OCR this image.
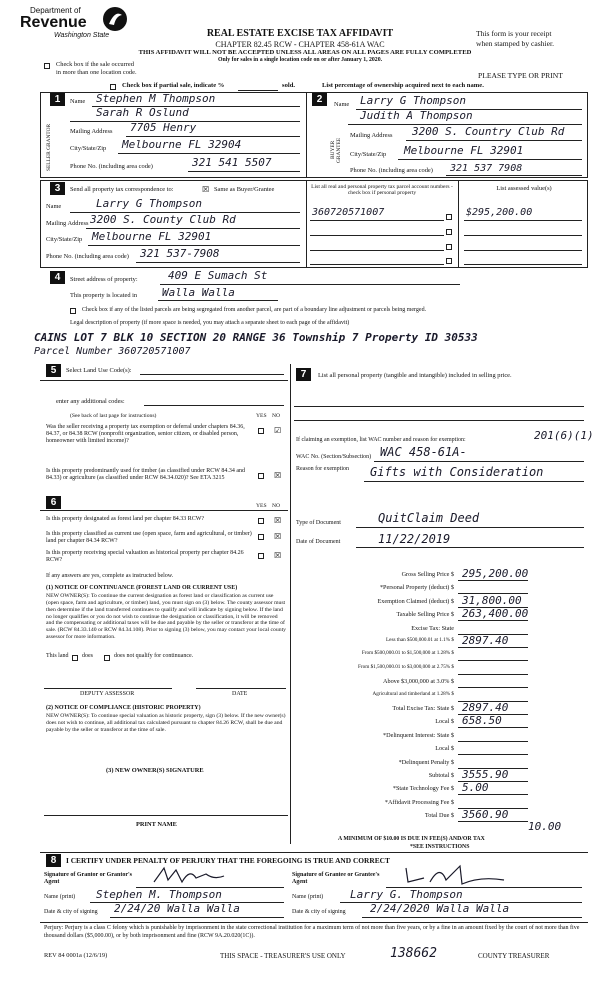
Department of
Revenue
Washington State	REAL ESTATE EXCISE TAX AFFIDAVIT
CHAPTER 82.45 RCW - CHAPTER 458-61A WAC
THIS AFFIDAVIT WILL NOT BE ACCEPTED UNLESS ALL AREAS ON ALL PAGES ARE FULLY COMPLETED
Only for sales in a single location code on or after January 1, 2020.
This form is your receipt
when stamped by cashier.
Check box if the sale occurred
in more than one location code.	PLEASE TYPE OR PRINT
Check box if partial sale, indicate %	sold.	List percentage of ownership acquired next to each name.
1
SELLER GRANTOR
Name Stephen M Thompson
Sarah R Oslund
Mailing Address 7705 Henry
City/State/Zip Melbourne FL 32904
Phone No. (including area code)	321 541 5507
2
BUYER GRANTEE
Name Larry G Thompson
Judith A Thompson
Mailing Address 3200 S. Country Club Rd
City/State/Zip Melbourne FL 32901
Phone No. (including area code) 321 537 7908
3	Send all property tax correspondence to:	☒ Same as Buyer/Grantee
Name	Larry G Thompson
Mailing Address 3200 S. County Club Rd
City/State/Zip Melbourne FL 32901
Phone No. (including area code) 321 537-7908
List all real and personal property tax parcel account numbers - check box if personal property
List assessed value(s)
360720571007	$295,200.00
4	Street address of property:	409 E Sumach St
This property is located in Walla Walla
Check box if any of the listed parcels are being segregated from another parcel, are part of a boundary line adjustment or parcels being merged.
Legal description of property (if more space is needed, you may attach a separate sheet to each page of the affidavit)
CAINS LOT 7 BLK 10 SECTION 20 RANGE 36 Township 7 Property ID 30533
Parcel Number 360720571007
5	Select Land Use Code(s):
enter any additional codes:
(See back of last page for instructions)	YES NO
Was the seller receiving a property tax exemption or deferral under chapters 84.36, 84.37, or 84.38 RCW (nonprofit organization, senior citizen, or disabled person, homeowner with limited income)?
☑
Is this property predominantly used for timber (as classified under RCW 84.34 and 84.33) or agriculture (as classified under RCW 84.34.020)? See ETA 3215	☒
6	YES NO
Is this property designated as forest land per chapter 84.33 RCW?	☒
Is this property classified as current use (open space, farm and agricultural, or timber) land per chapter 84.34 RCW?	☒
Is this property receiving special valuation as historical property per chapter 84.26 RCW?	☒
If any answers are yes, complete as instructed below.
(1) NOTICE OF CONTINUANCE (FOREST LAND OR CURRENT USE)
NEW OWNER(S): To continue the current designation as forest land or classification as current use (open space, farm and agriculture, or timber) land, you must sign on (3) below. The county assessor must then determine if the land transferred continues to qualify and will indicate by signing below. If the land no longer qualifies or you do not wish to continue the designation or classification, it will be removed and the compensating or additional taxes will be due and payable by the seller or transferor at the time of sale. (RCW 84.33.140 or RCW 84.34.108). Prior to signing (3) below, you may contact your local county assessor for more information.
This land does	does not qualify for continuance.
DEPUTY ASSESSOR	DATE
(2) NOTICE OF COMPLIANCE (HISTORIC PROPERTY)
NEW OWNER(S): To continue special valuation as historic property, sign (3) below. If the new owner(s) does not wish to continue, all additional tax calculated pursuant to chapter 84.26 RCW, shall be due and payable by the seller or transferor at the time of sale.
(3) NEW OWNER(S) SIGNATURE
PRINT NAME
7	List all personal property (tangible and intangible) included in selling price.
If claiming an exemption, list WAC number and reason for exemption:	201(6)(1)
WAC No. (Section/Subsection) WAC 458-61A-
Reason for exemption Gifts with Consideration
Type of Document	QuitClaim Deed
Date of Document	11/22/2019
Gross Selling Price $ 295,200.00
*Personal Property (deduct) $
Exemption Claimed (deduct) $ 31,800.00
Taxable Selling Price $ 263,400.00
Excise Tax: State
Less than $500,000.01 at 1.1% $ 2897.40
From $500,000.01 to $1,500,000 at 1.28% $
From $1,500,000.01 to $3,000,000 at 2.75% $
Above $3,000,000 at 3.0% $
Agricultural and timberland at 1.28% $
Total Excise Tax: State $ 2897.40
Local $ 658.50
*Delinquent Interest: State $
Local $
*Delinquent Penalty $
Subtotal $ 3555.90
*State Technology Fee $ 5.00
*Affidavit Processing Fee $
Total Due $ 3560.90
10.00
A MINIMUM OF $10.00 IS DUE IN FEE(S) AND/OR TAX
*SEE INSTRUCTIONS
8	I CERTIFY UNDER PENALTY OF PERJURY THAT THE FOREGOING IS TRUE AND CORRECT
Signature of Grantor or Grantor's Agent
Signature of Grantee or Grantee's Agent
Name (print) Stephen M. Thompson	Name (print) Larry G. Thompson
Date & city of signing 2/24/20 Walla Walla	Date & city of signing 2/24/2020 Walla Walla
Perjury: Perjury is a class C felony which is punishable by imprisonment in the state correctional institution for a maximum term of not more than five years, or by a fine in an amount fixed by the court of not more than five thousand dollars ($5,000.00), or by both imprisonment and fine (RCW 9A.20.020(1C)).
REV 84 0001a (12/6/19)	THIS SPACE - TREASURER'S USE ONLY	138662	COUNTY TREASURER
